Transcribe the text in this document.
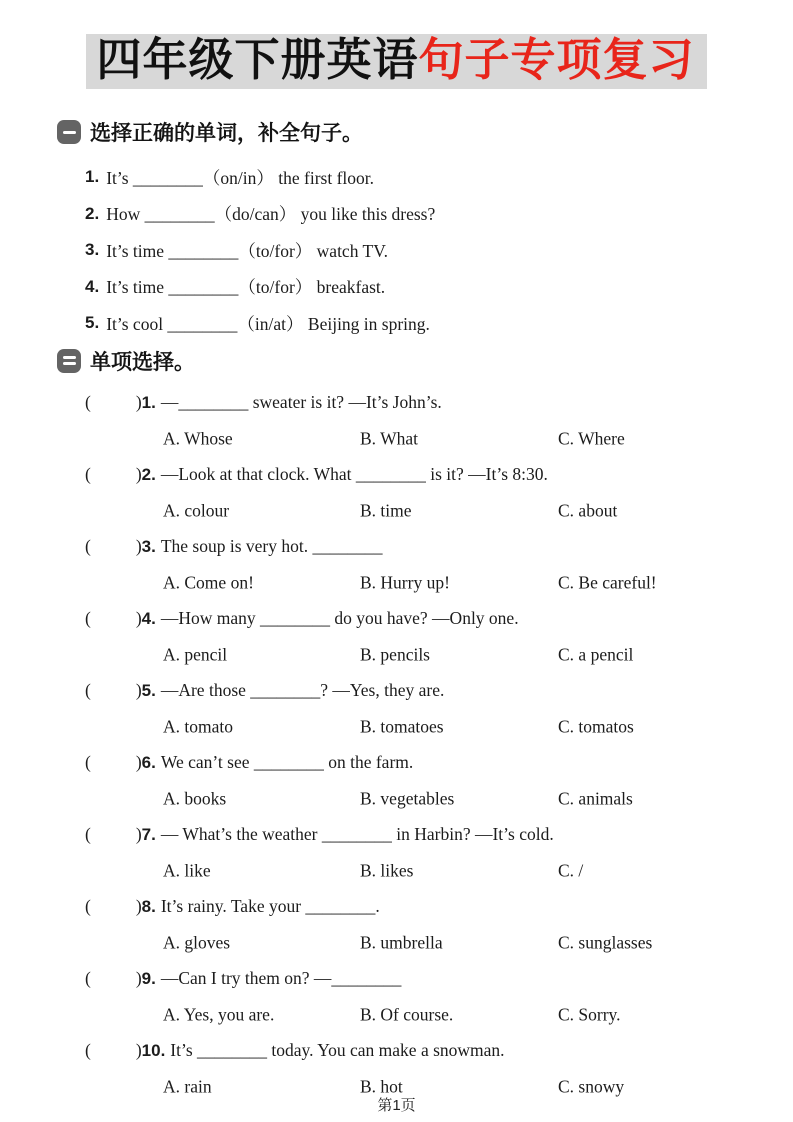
四年级下册英语句子专项复习
选择正确的单词，补全句子。
1. It’s ________（on/in） the first floor.
2. How ________（do/can） you like this dress?
3. It’s time ________（to/for） watch TV.
4. It’s time ________（to/for） breakfast.
5. It’s cool ________（in/at） Beijing in spring.
单项选择。
(	) 1. —________ sweater is it? —It’s John’s.
A. Whose	B. What	C. Where
(	) 2. —Look at that clock. What ________ is it? —It’s 8:30.
A. colour	B. time	C. about
(	) 3. The soup is very hot. ________
A. Come on!	B. Hurry up!	C. Be careful!
(	) 4. —How many ________ do you have? —Only one.
A. pencil	B. pencils	C. a pencil
(	) 5. —Are those ________? —Yes, they are.
A. tomato	B. tomatoes	C. tomatos
(	) 6. We can’t see ________ on the farm.
A. books	B. vegetables	C. animals
(	) 7. — What’s the weather ________ in Harbin? —It’s cold.
A. like	B. likes	C. /
(	) 8. It’s rainy. Take your ________.
A. gloves	B. umbrella	C. sunglasses
(	) 9. —Can I try them on? —________
A. Yes, you are.	B. Of course.	C. Sorry.
(	) 10. It’s ________ today. You can make a snowman.
A. rain	B. hot	C. snowy
第1页
